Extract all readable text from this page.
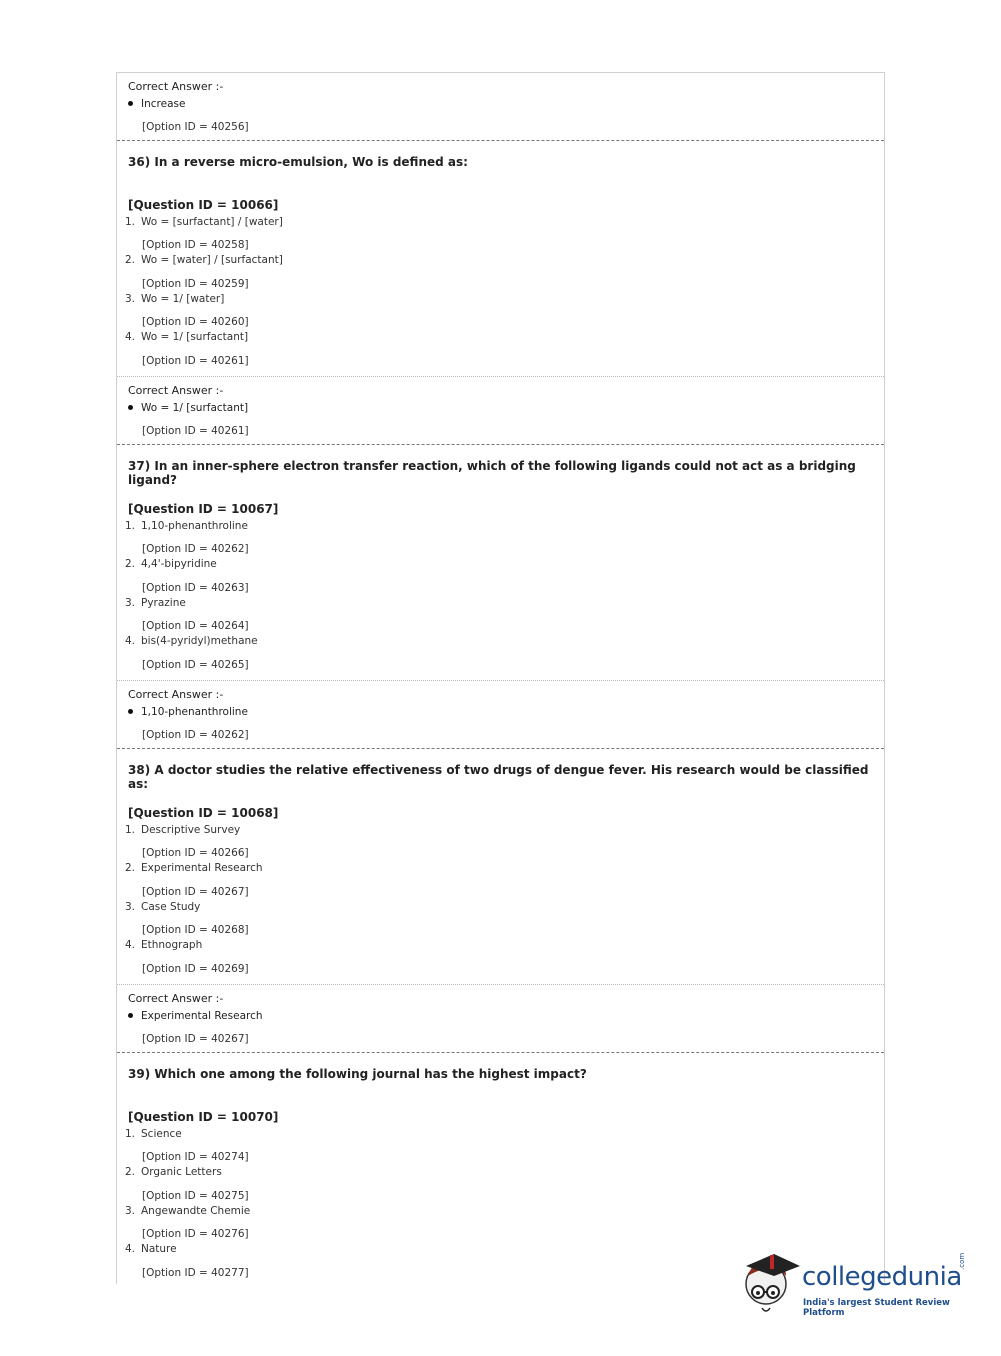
Correct Answer :-
Increase
[Option ID = 40256]
36) In a reverse micro-emulsion, Wo is defined as:
[Question ID = 10066]
1. Wo = [surfactant] / [water]
[Option ID = 40258]
2. Wo = [water] / [surfactant]
[Option ID = 40259]
3. Wo = 1/ [water]
[Option ID = 40260]
4. Wo = 1/ [surfactant]
[Option ID = 40261]
Correct Answer :-
Wo = 1/ [surfactant]
[Option ID = 40261]
37) In an inner-sphere electron transfer reaction, which of the following ligands could not act as a bridging ligand?
[Question ID = 10067]
1. 1,10-phenanthroline
[Option ID = 40262]
2. 4,4'-bipyridine
[Option ID = 40263]
3. Pyrazine
[Option ID = 40264]
4. bis(4-pyridyl)methane
[Option ID = 40265]
Correct Answer :-
1,10-phenanthroline
[Option ID = 40262]
38) A doctor studies the relative effectiveness of two drugs of dengue fever. His research would be classified as:
[Question ID = 10068]
1. Descriptive Survey
[Option ID = 40266]
2. Experimental Research
[Option ID = 40267]
3. Case Study
[Option ID = 40268]
4. Ethnograph
[Option ID = 40269]
Correct Answer :-
Experimental Research
[Option ID = 40267]
39) Which one among the following journal has the highest impact?
[Question ID = 10070]
1. Science
[Option ID = 40274]
2. Organic Letters
[Option ID = 40275]
3. Angewandte Chemie
[Option ID = 40276]
4. Nature
[Option ID = 40277]	collegedunia
.com
India's largest Student Review Platform
